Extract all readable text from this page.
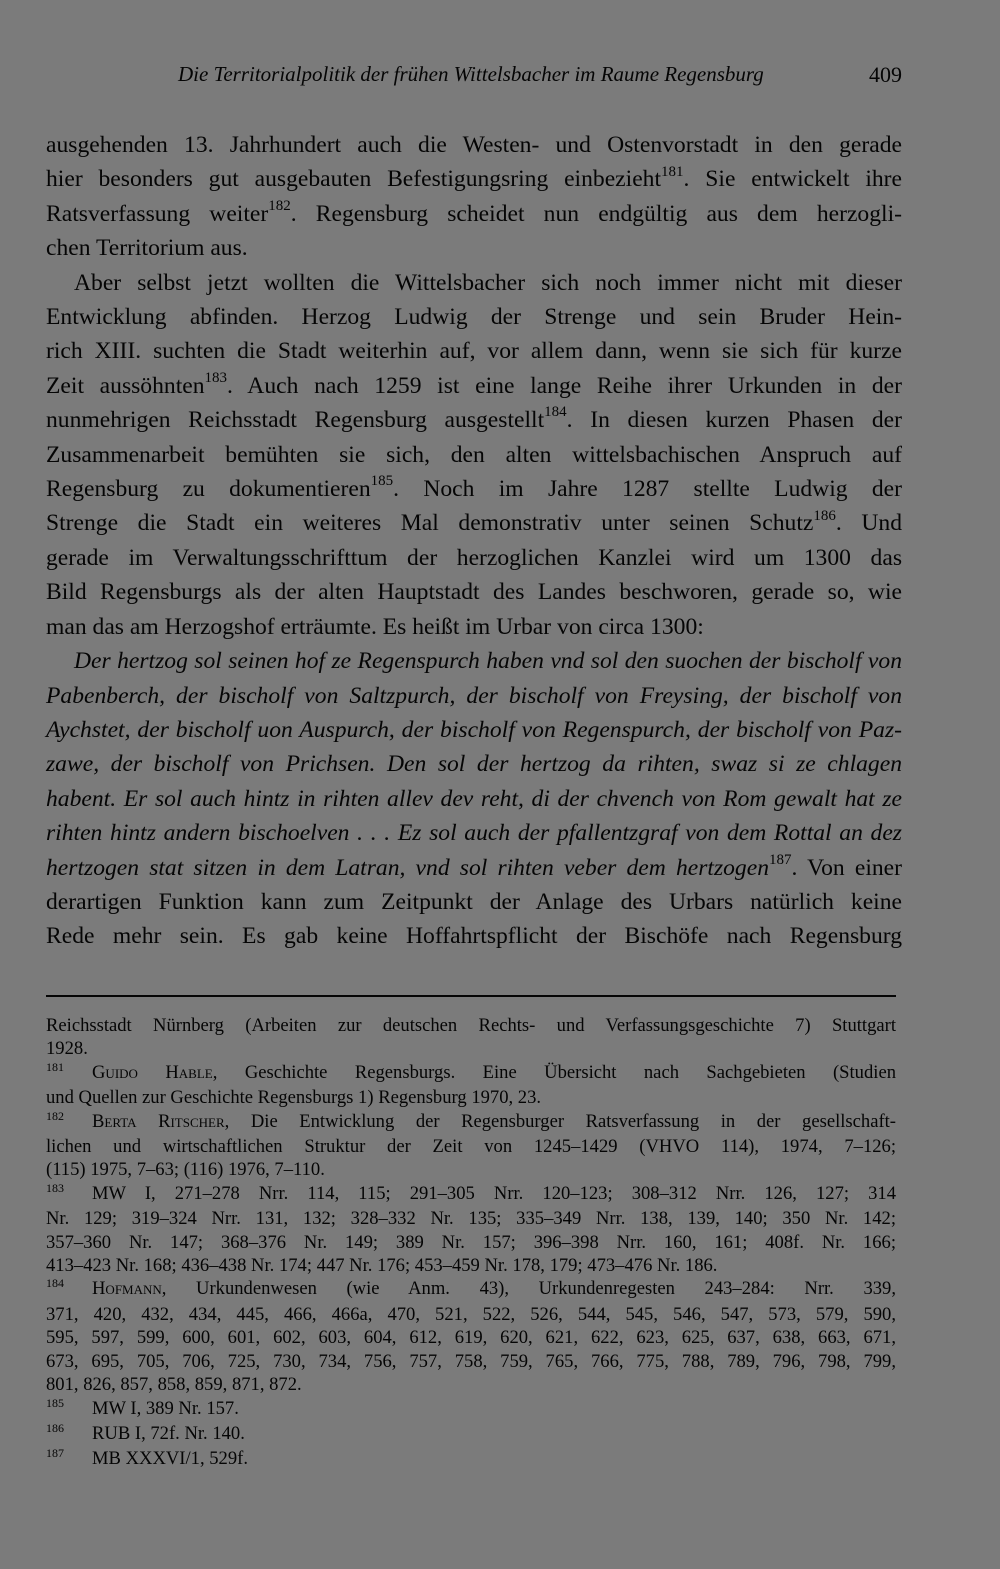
Die Territorialpolitik der frühen Wittelsbacher im Raume Regensburg	409
ausgehenden 13. Jahrhundert auch die Westen- und Ostenvorstadt in den gerade
hier besonders gut ausgebauten Befestigungsring einbezieht$^{181}$. Sie entwickelt ihre
Ratsverfassung weiter$^{182}$. Regensburg scheidet nun endgültig aus dem herzogli-
chen Territorium aus.
Aber selbst jetzt wollten die Wittelsbacher sich noch immer nicht mit dieser
Entwicklung abfinden. Herzog Ludwig der Strenge und sein Bruder Hein-
rich XIII. suchten die Stadt weiterhin auf, vor allem dann, wenn sie sich für kurze
Zeit aussöhnten$^{183}$. Auch nach 1259 ist eine lange Reihe ihrer Urkunden in der
nunmehrigen Reichsstadt Regensburg ausgestellt$^{184}$. In diesen kurzen Phasen der
Zusammenarbeit bemühten sie sich, den alten wittelsbachischen Anspruch auf
Regensburg zu dokumentieren$^{185}$. Noch im Jahre 1287 stellte Ludwig der
Strenge die Stadt ein weiteres Mal demonstrativ unter seinen Schutz$^{186}$. Und
gerade im Verwaltungsschrifttum der herzoglichen Kanzlei wird um 1300 das
Bild Regensburgs als der alten Hauptstadt des Landes beschworen, gerade so, wie
man das am Herzogshof erträumte. Es heißt im Urbar von circa 1300:
Der hertzog sol seinen hof ze Regenspurch haben vnd sol den suochen der bischolf von
Pabenberch, der bischolf von Saltzpurch, der bischolf von Freysing, der bischolf von
Aychstet, der bischolf uon Auspurch, der bischolf von Regenspurch, der bischolf von Paz-
zawe, der bischolf von Prichsen. Den sol der hertzog da rihten, swaz si ze chlagen
habent. Er sol auch hintz in rihten allev dev reht, di der chvench von Rom gewalt hat ze
rihten hintz andern bischoelven . . . Ez sol auch der pfallentzgraf von dem Rottal an dez
hertzogen stat sitzen in dem Latran, vnd sol rihten veber dem hertzogen$^{187}$. Von einer
derartigen Funktion kann zum Zeitpunkt der Anlage des Urbars natürlich keine
Rede mehr sein. Es gab keine Hoffahrtspflicht der Bischöfe nach Regensburg
Reichsstadt Nürnberg (Arbeiten zur deutschen Rechts- und Verfassungsgeschichte 7) Stuttgart
1928.
181 Guido Hable, Geschichte Regensburgs. Eine Übersicht nach Sachgebieten (Studien
und Quellen zur Geschichte Regensburgs 1) Regensburg 1970, 23.
182 Berta Ritscher, Die Entwicklung der Regensburger Ratsverfassung in der gesellschaft-
lichen und wirtschaftlichen Struktur der Zeit von 1245–1429 (VHVO 114), 1974, 7–126;
(115) 1975, 7–63; (116) 1976, 7–110.
183 MW I, 271–278 Nrr. 114, 115; 291–305 Nrr. 120–123; 308–312 Nrr. 126, 127; 314
Nr. 129; 319–324 Nrr. 131, 132; 328–332 Nr. 135; 335–349 Nrr. 138, 139, 140; 350 Nr. 142;
357–360 Nr. 147; 368–376 Nr. 149; 389 Nr. 157; 396–398 Nrr. 160, 161; 408f. Nr. 166;
413–423 Nr. 168; 436–438 Nr. 174; 447 Nr. 176; 453–459 Nr. 178, 179; 473–476 Nr. 186.
184 Hofmann, Urkundenwesen (wie Anm. 43), Urkundenregesten 243–284: Nrr. 339,
371, 420, 432, 434, 445, 466, 466a, 470, 521, 522, 526, 544, 545, 546, 547, 573, 579, 590,
595, 597, 599, 600, 601, 602, 603, 604, 612, 619, 620, 621, 622, 623, 625, 637, 638, 663, 671,
673, 695, 705, 706, 725, 730, 734, 756, 757, 758, 759, 765, 766, 775, 788, 789, 796, 798, 799,
801, 826, 857, 858, 859, 871, 872.
185 MW I, 389 Nr. 157.
186 RUB I, 72f. Nr. 140.
187 MB XXXVI/1, 529f.
